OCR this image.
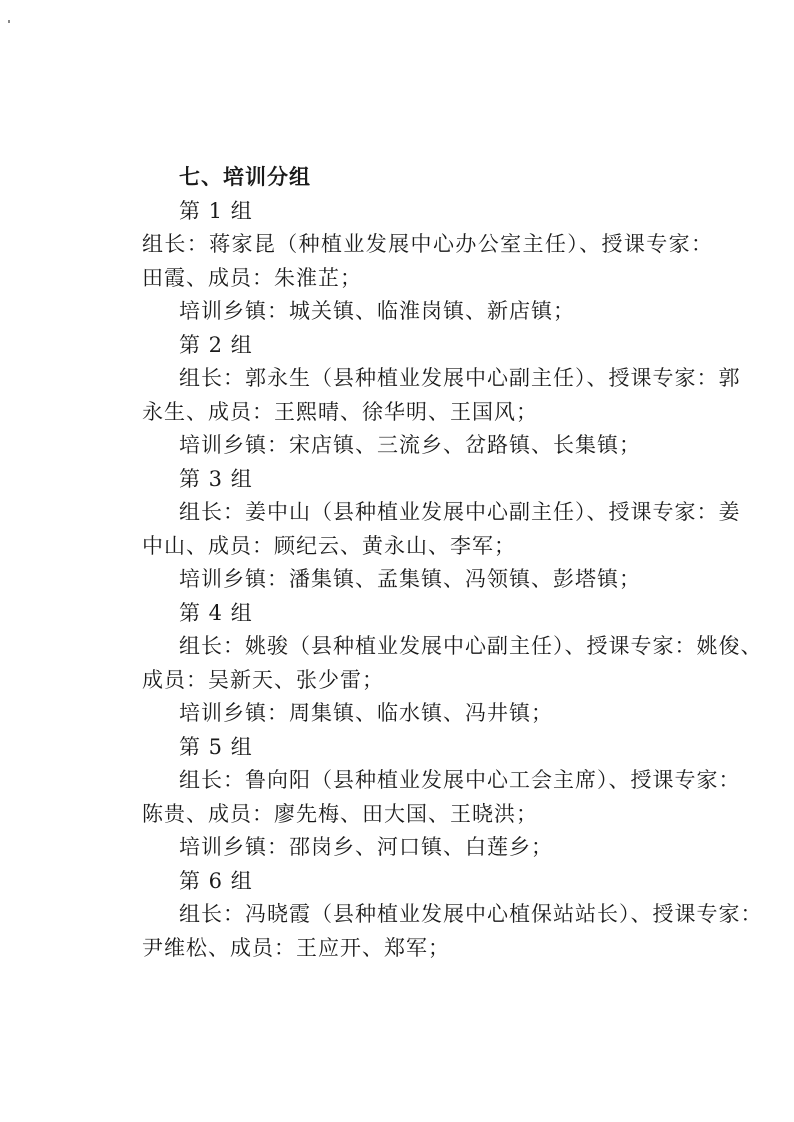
七、培训分组
第 1 组
组长：蒋家昆（种植业发展中心办公室主任）、授课专家：
田霞、成员：朱淮芷；
培训乡镇：城关镇、临淮岗镇、新店镇；
第 2 组
组长：郭永生（县种植业发展中心副主任）、授课专家：郭
永生、成员：王熙晴、徐华明、王国风；
培训乡镇：宋店镇、三流乡、岔路镇、长集镇；
第 3 组
组长：姜中山（县种植业发展中心副主任）、授课专家：姜
中山、成员：顾纪云、黄永山、李军；
培训乡镇：潘集镇、孟集镇、冯领镇、彭塔镇；
第 4 组
组长：姚骏（县种植业发展中心副主任）、授课专家：姚俊、
成员：吴新天、张少雷；
培训乡镇：周集镇、临水镇、冯井镇；
第 5 组
组长：鲁向阳（县种植业发展中心工会主席）、授课专家：
陈贵、成员：廖先梅、田大国、王晓洪；
培训乡镇：邵岗乡、河口镇、白莲乡；
第 6 组
组长：冯晓霞（县种植业发展中心植保站站长）、授课专家：
尹维松、成员：王应开、郑军；
